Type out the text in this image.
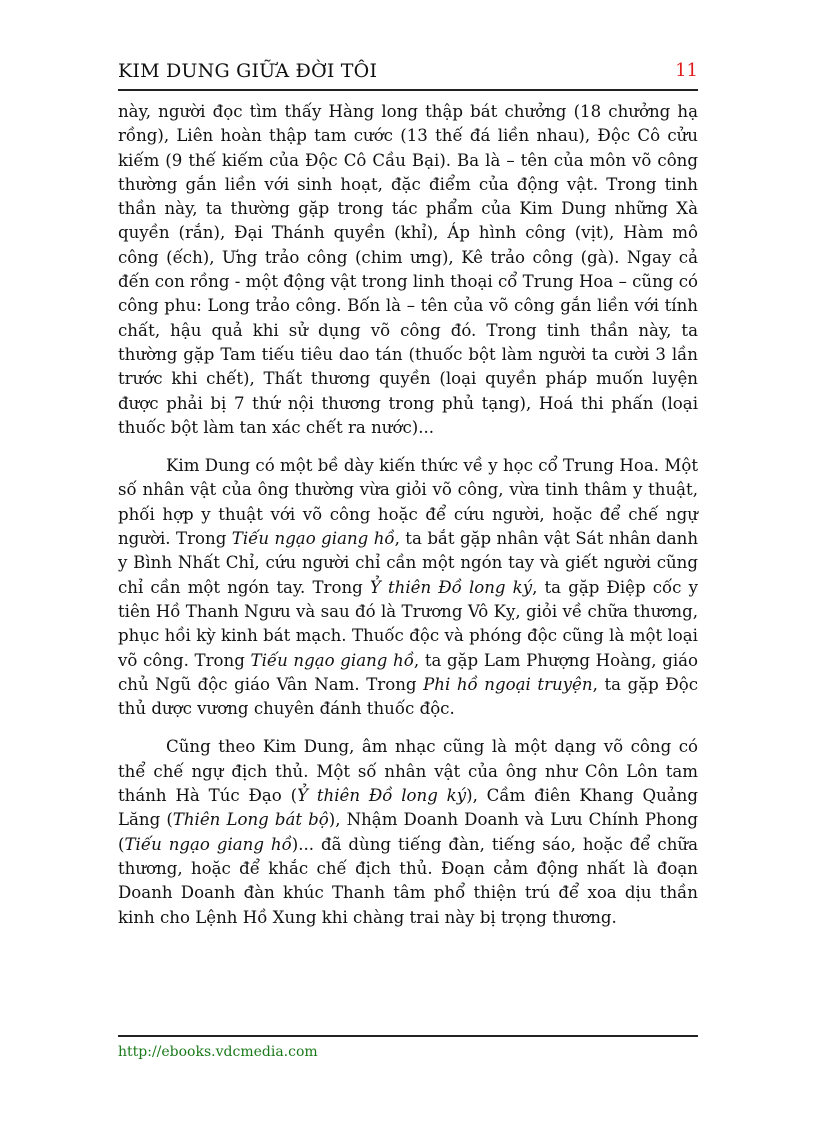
KIM DUNG GIỮA ĐỜI TÔI	11

này, người đọc tìm thấy Hàng long thập bát chưởng (18 chưởng hạ rồng), Liên hoàn thập tam cước (13 thế đá liền nhau), Độc Cô cửu kiếm (9 thế kiếm của Độc Cô Cầu Bại). Ba là – tên của môn võ công thường gắn liền với sinh hoạt, đặc điểm của động vật. Trong tinh thần này, ta thường gặp trong tác phẩm của Kim Dung những Xà quyền (rắn), Đại Thánh quyền (khỉ), Áp hình công (vịt), Hàm mô công (ếch), Ưng trảo công (chim ưng), Kê trảo công (gà). Ngay cả đến con rồng - một động vật trong linh thoại cổ Trung Hoa – cũng có công phu: Long trảo công. Bốn là – tên của võ công gắn liền với tính chất, hậu quả khi sử dụng võ công đó. Trong tinh thần này, ta thường gặp Tam tiếu tiêu dao tán (thuốc bột làm người ta cười 3 lần trước khi chết), Thất thương quyền (loại quyền pháp muốn luyện được phải bị 7 thứ nội thương trong phủ tạng), Hoá thi phấn (loại thuốc bột làm tan xác chết ra nước)...

Kim Dung có một bề dày kiến thức về y học cổ Trung Hoa. Một số nhân vật của ông thường vừa giỏi võ công, vừa tinh thâm y thuật, phối hợp y thuật với võ công hoặc để cứu người, hoặc để chế ngự người. Trong Tiếu ngạo giang hồ, ta bắt gặp nhân vật Sát nhân danh y Bình Nhất Chỉ, cứu người chỉ cần một ngón tay và giết người cũng chỉ cần một ngón tay. Trong Ỷ thiên Đồ long ký, ta gặp Điệp cốc y tiên Hồ Thanh Ngưu và sau đó là Trương Vô Kỵ, giỏi về chữa thương, phục hồi kỳ kinh bát mạch. Thuốc độc và phóng độc cũng là một loại võ công. Trong Tiếu ngạo giang hồ, ta gặp Lam Phượng Hoàng, giáo chủ Ngũ độc giáo Vân Nam. Trong Phi hồ ngoại truyện, ta gặp Độc thủ dược vương chuyên đánh thuốc độc.

Cũng theo Kim Dung, âm nhạc cũng là một dạng võ công có thể chế ngự địch thủ. Một số nhân vật của ông như Côn Lôn tam thánh Hà Túc Đạo (Ỷ thiên Đồ long ký), Cầm điên Khang Quảng Lăng (Thiên Long bát bộ), Nhậm Doanh Doanh và Lưu Chính Phong (Tiếu ngạo giang hồ)... đã dùng tiếng đàn, tiếng sáo, hoặc để chữa thương, hoặc để khắc chế địch thủ. Đoạn cảm động nhất là đoạn Doanh Doanh đàn khúc Thanh tâm phổ thiện trú để xoa dịu thần kinh cho Lệnh Hồ Xung khi chàng trai này bị trọng thương.

http://ebooks.vdcmedia.com
